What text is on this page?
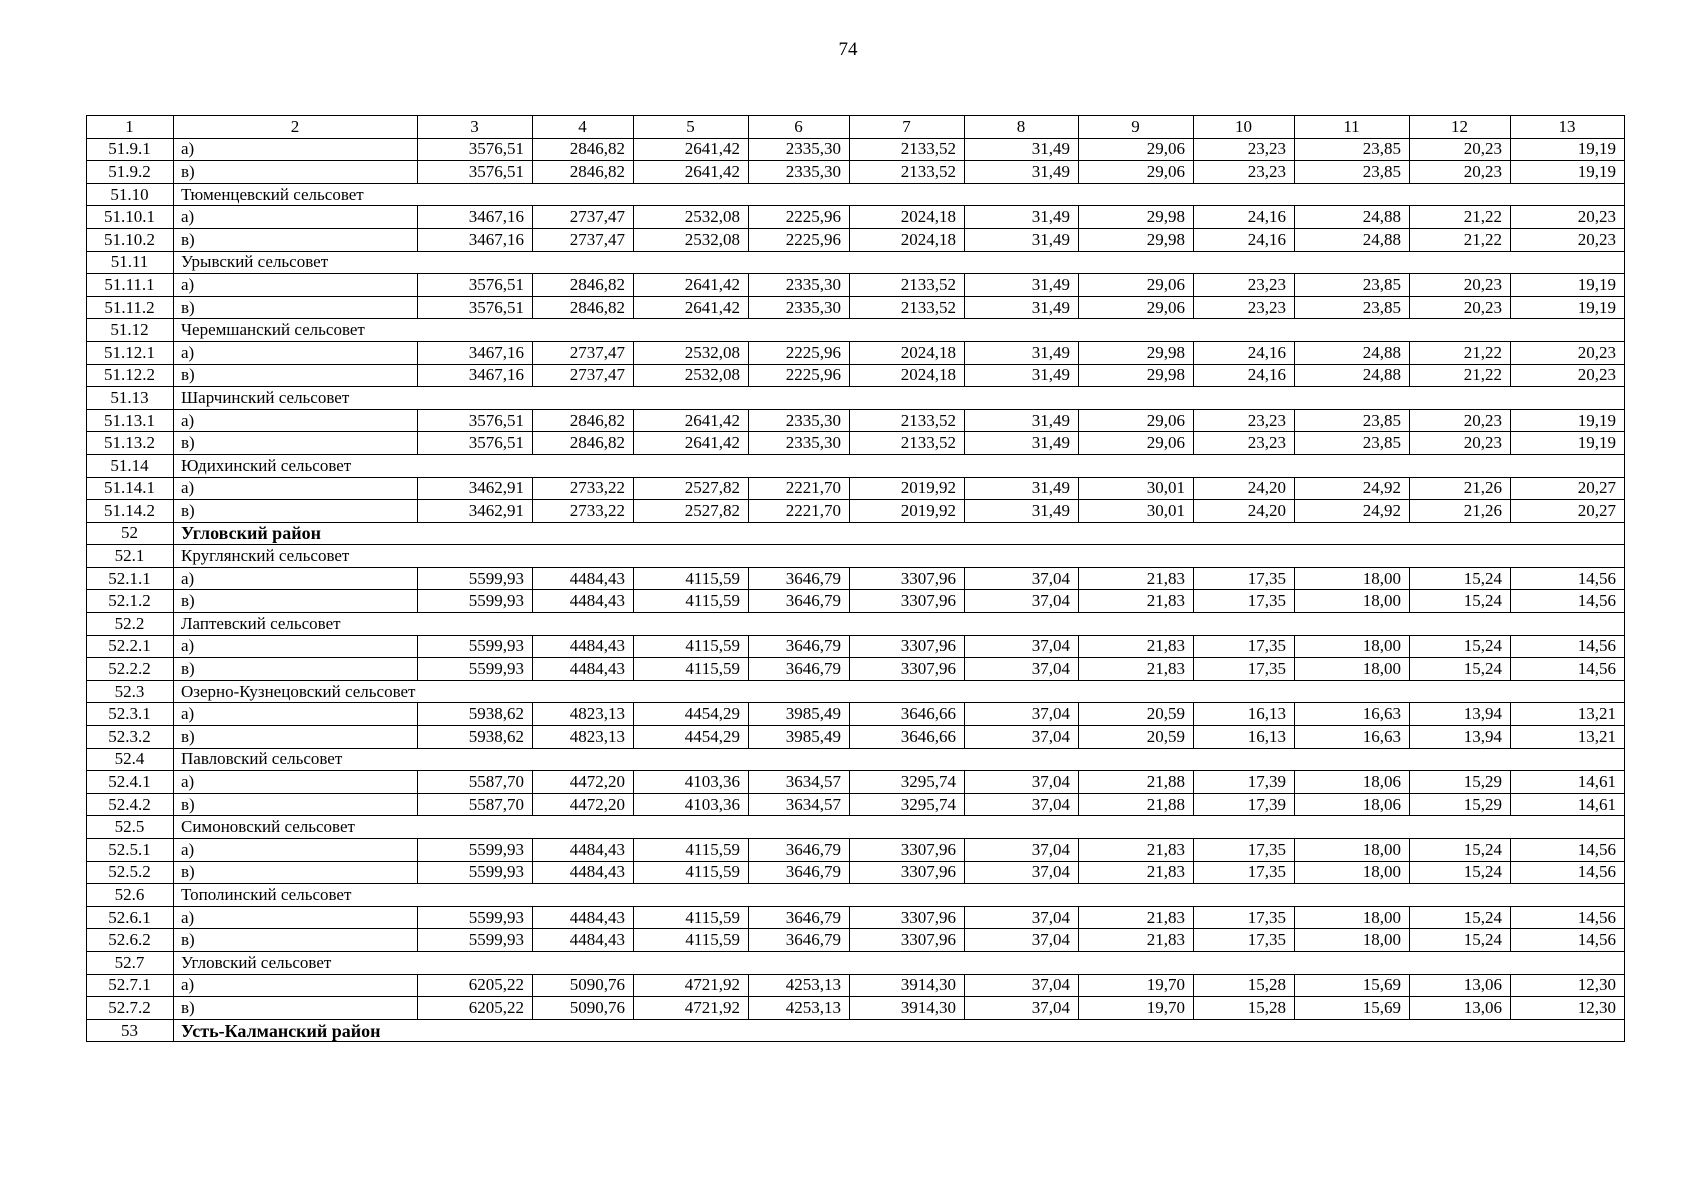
74
1	2	3	4	5	6	7	8	9	10	11	12	13
51.9.1	а)	3576,51	2846,82	2641,42	2335,30	2133,52	31,49	29,06	23,23	23,85	20,23	19,19
51.9.2	в)	3576,51	2846,82	2641,42	2335,30	2133,52	31,49	29,06	23,23	23,85	20,23	19,19
51.10	Тюменцевский сельсовет											
51.10.1	а)	3467,16	2737,47	2532,08	2225,96	2024,18	31,49	29,98	24,16	24,88	21,22	20,23
51.10.2	в)	3467,16	2737,47	2532,08	2225,96	2024,18	31,49	29,98	24,16	24,88	21,22	20,23
51.11	Урывский сельсовет											
51.11.1	а)	3576,51	2846,82	2641,42	2335,30	2133,52	31,49	29,06	23,23	23,85	20,23	19,19
51.11.2	в)	3576,51	2846,82	2641,42	2335,30	2133,52	31,49	29,06	23,23	23,85	20,23	19,19
51.12	Черемшанский сельсовет											
51.12.1	а)	3467,16	2737,47	2532,08	2225,96	2024,18	31,49	29,98	24,16	24,88	21,22	20,23
51.12.2	в)	3467,16	2737,47	2532,08	2225,96	2024,18	31,49	29,98	24,16	24,88	21,22	20,23
51.13	Шарчинский сельсовет											
51.13.1	а)	3576,51	2846,82	2641,42	2335,30	2133,52	31,49	29,06	23,23	23,85	20,23	19,19
51.13.2	в)	3576,51	2846,82	2641,42	2335,30	2133,52	31,49	29,06	23,23	23,85	20,23	19,19
51.14	Юдихинский сельсовет											
51.14.1	а)	3462,91	2733,22	2527,82	2221,70	2019,92	31,49	30,01	24,20	24,92	21,26	20,27
51.14.2	в)	3462,91	2733,22	2527,82	2221,70	2019,92	31,49	30,01	24,20	24,92	21,26	20,27
52	Угловский район											
52.1	Круглянский сельсовет											
52.1.1	а)	5599,93	4484,43	4115,59	3646,79	3307,96	37,04	21,83	17,35	18,00	15,24	14,56
52.1.2	в)	5599,93	4484,43	4115,59	3646,79	3307,96	37,04	21,83	17,35	18,00	15,24	14,56
52.2	Лаптевский сельсовет											
52.2.1	а)	5599,93	4484,43	4115,59	3646,79	3307,96	37,04	21,83	17,35	18,00	15,24	14,56
52.2.2	в)	5599,93	4484,43	4115,59	3646,79	3307,96	37,04	21,83	17,35	18,00	15,24	14,56
52.3	Озерно-Кузнецовский сельсовет											
52.3.1	а)	5938,62	4823,13	4454,29	3985,49	3646,66	37,04	20,59	16,13	16,63	13,94	13,21
52.3.2	в)	5938,62	4823,13	4454,29	3985,49	3646,66	37,04	20,59	16,13	16,63	13,94	13,21
52.4	Павловский сельсовет											
52.4.1	а)	5587,70	4472,20	4103,36	3634,57	3295,74	37,04	21,88	17,39	18,06	15,29	14,61
52.4.2	в)	5587,70	4472,20	4103,36	3634,57	3295,74	37,04	21,88	17,39	18,06	15,29	14,61
52.5	Симоновский сельсовет											
52.5.1	а)	5599,93	4484,43	4115,59	3646,79	3307,96	37,04	21,83	17,35	18,00	15,24	14,56
52.5.2	в)	5599,93	4484,43	4115,59	3646,79	3307,96	37,04	21,83	17,35	18,00	15,24	14,56
52.6	Тополинский сельсовет											
52.6.1	а)	5599,93	4484,43	4115,59	3646,79	3307,96	37,04	21,83	17,35	18,00	15,24	14,56
52.6.2	в)	5599,93	4484,43	4115,59	3646,79	3307,96	37,04	21,83	17,35	18,00	15,24	14,56
52.7	Угловский сельсовет											
52.7.1	а)	6205,22	5090,76	4721,92	4253,13	3914,30	37,04	19,70	15,28	15,69	13,06	12,30
52.7.2	в)	6205,22	5090,76	4721,92	4253,13	3914,30	37,04	19,70	15,28	15,69	13,06	12,30
53	Усть-Калманский район											
